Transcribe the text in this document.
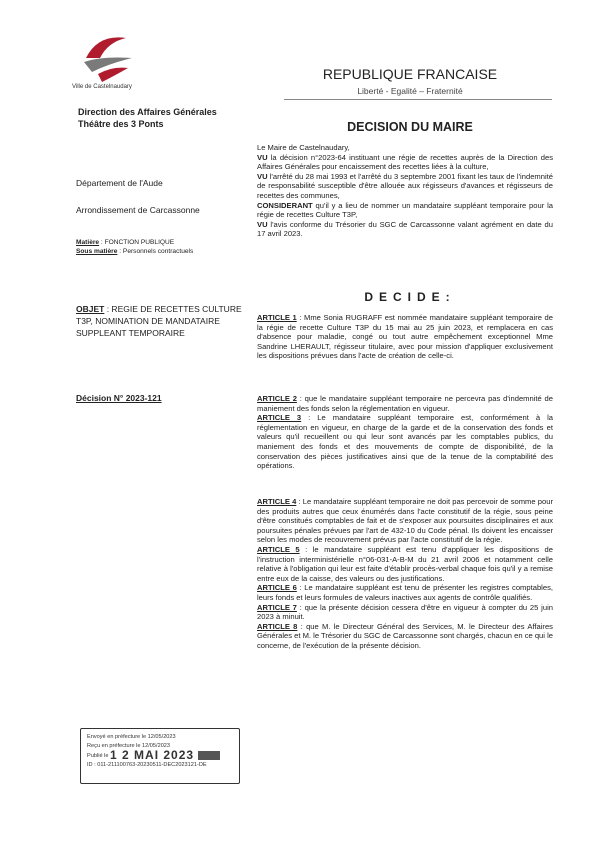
Ville de Castelnaudary
Direction des Affaires Générales
Théâtre des 3 Ponts
Département de l'Aude
Arrondissement de Carcassonne
Matière : FONCTION PUBLIQUE
Sous matière : Personnels contractuels
OBJET : REGIE DE RECETTES CULTURE T3P, NOMINATION DE MANDATAIRE SUPPLEANT TEMPORAIRE
Décision N° 2023-121
REPUBLIQUE FRANCAISE
Liberté - Egalité – Fraternité
DECISION DU MAIRE

Le Maire de Castelnaudary,

VU la décision n°2023-64 instituant une régie de recettes auprès de la Direction des Affaires Générales pour encaissement des recettes liées à la culture,

VU l'arrêté du 28 mai 1993 et l'arrêté du 3 septembre 2001 fixant les taux de l'indemnité de responsabilité susceptible d'être allouée aux régisseurs d'avances et régisseurs de recettes des communes,

CONSIDERANT qu'il y a lieu de nommer un mandataire suppléant temporaire pour la régie de recettes Culture T3P,

VU l'avis conforme du Trésorier du SGC de Carcassonne valant agrément en date du 17 avril 2023.

DECIDE:

ARTICLE 1 : Mme Sonia RUGRAFF est nommée mandataire suppléant temporaire de la régie de recette Culture T3P du 15 mai au 25 juin 2023, et remplacera en cas d'absence pour maladie, congé ou tout autre empêchement exceptionnel Mme Sandrine LHERAULT, régisseur titulaire, avec pour mission d'appliquer exclusivement les dispositions prévues dans l'acte de création de celle-ci.

ARTICLE 2 : que le mandataire suppléant temporaire ne percevra pas d'indemnité de maniement des fonds selon la réglementation en vigueur.

ARTICLE 3 : Le mandataire suppléant temporaire est, conformément à la réglementation en vigueur, en charge de la garde et de la conservation des fonds et valeurs qu'il recueillent ou qui leur sont avancés par les comptables publics, du maniement des fonds et des mouvements de compte de disponibilité, de la conservation des pièces justificatives ainsi que de la tenue de la comptabilité des opérations.

ARTICLE 4 : Le mandataire suppléant temporaire ne doit pas percevoir de somme pour des produits autres que ceux énumérés dans l'acte constitutif de la régie, sous peine d'être constitués comptables de fait et de s'exposer aux poursuites disciplinaires et aux poursuites pénales prévues par l'art de 432-10 du Code pénal. Ils doivent les encaisser selon les modes de recouvrement prévus par l'acte constitutif de la régie.

ARTICLE 5 : le mandataire suppléant est tenu d'appliquer les dispositions de l'instruction interministérielle n°06-031-A-B-M du 21 avril 2006 et notamment celle relative à l'obligation qui leur est faite d'établir procès-verbal chaque fois qu'il y a remise entre eux de la caisse, des valeurs ou des justifications.

ARTICLE 6 : Le mandataire suppléant est tenu de présenter les registres comptables, leurs fonds et leurs formules de valeurs inactives aux agents de contrôle qualifiés.

ARTICLE 7 : que la présente décision cessera d'être en vigueur à compter du 25 juin 2023 à minuit.

ARTICLE 8 : que M. le Directeur Général des Services, M. le Directeur des Affaires Générales et M. le Trésorier du SGC de Carcassonne sont chargés, chacun en ce qui le concerne, de l'exécution de la présente décision.

Envoyé en préfecture le 12/05/2023
Reçu en préfecture le 12/05/2023
Publié le 1 2 MAI 2023
ID : 011-211100763-20230511-DEC2023121-DE
